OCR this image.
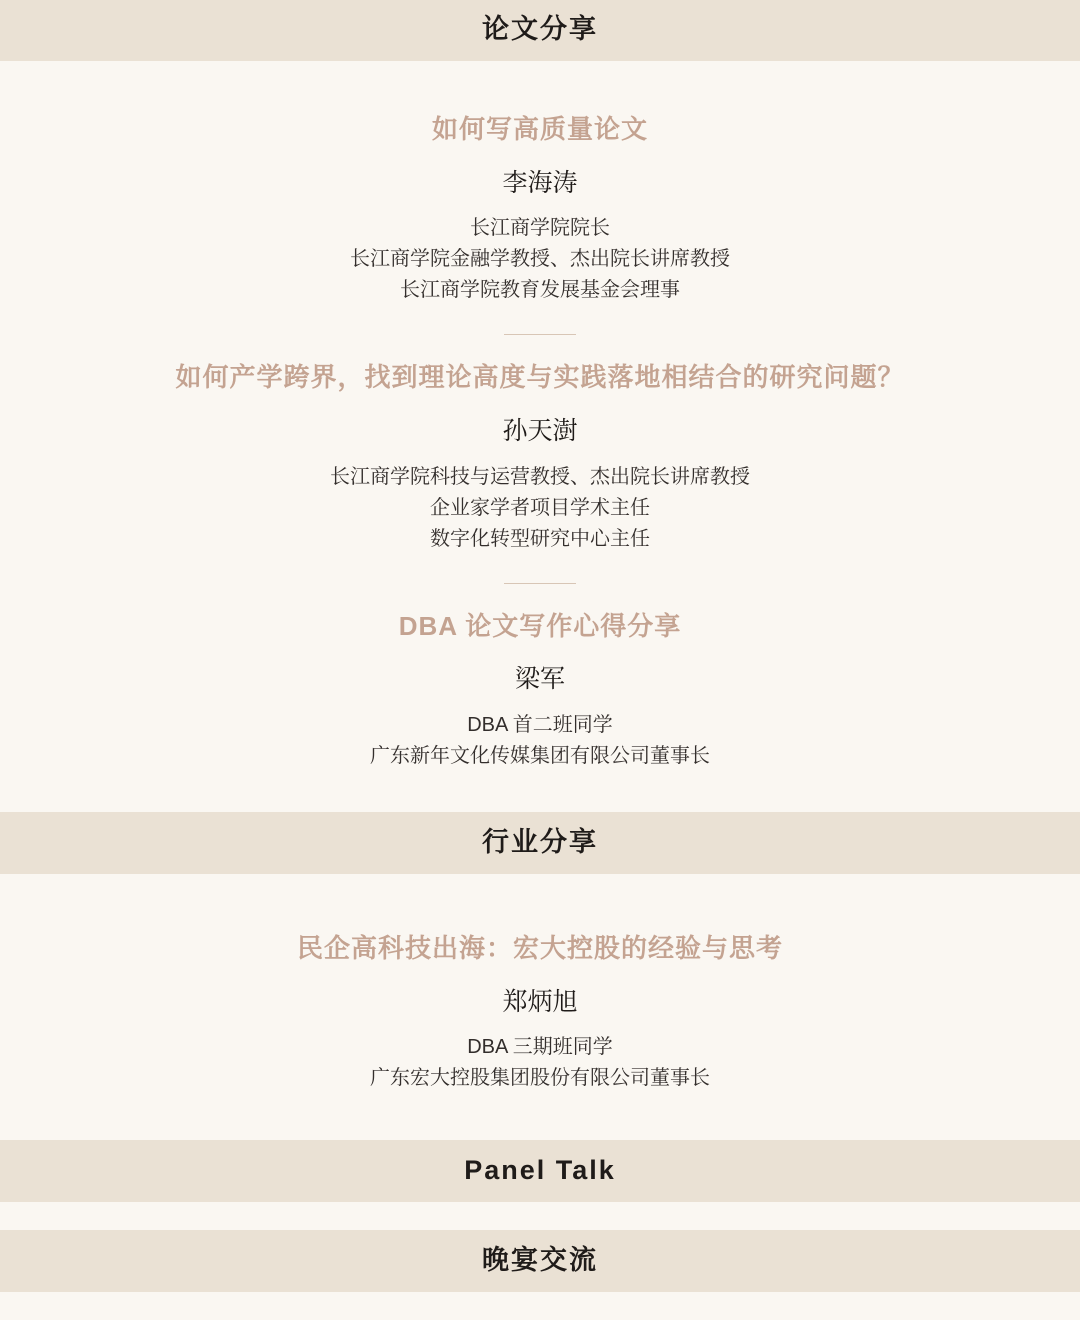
论文分享
如何写高质量论文
李海涛
长江商学院院长
长江商学院金融学教授、杰出院长讲席教授
长江商学院教育发展基金会理事
如何产学跨界，找到理论高度与实践落地相结合的研究问题？
孙天澍
长江商学院科技与运营教授、杰出院长讲席教授
企业家学者项目学术主任
数字化转型研究中心主任
DBA 论文写作心得分享
梁军
DBA 首二班同学
广东新年文化传媒集团有限公司董事长
行业分享
民企高科技出海：宏大控股的经验与思考
郑炳旭
DBA 三期班同学
广东宏大控股集团股份有限公司董事长
Panel Talk
晚宴交流
